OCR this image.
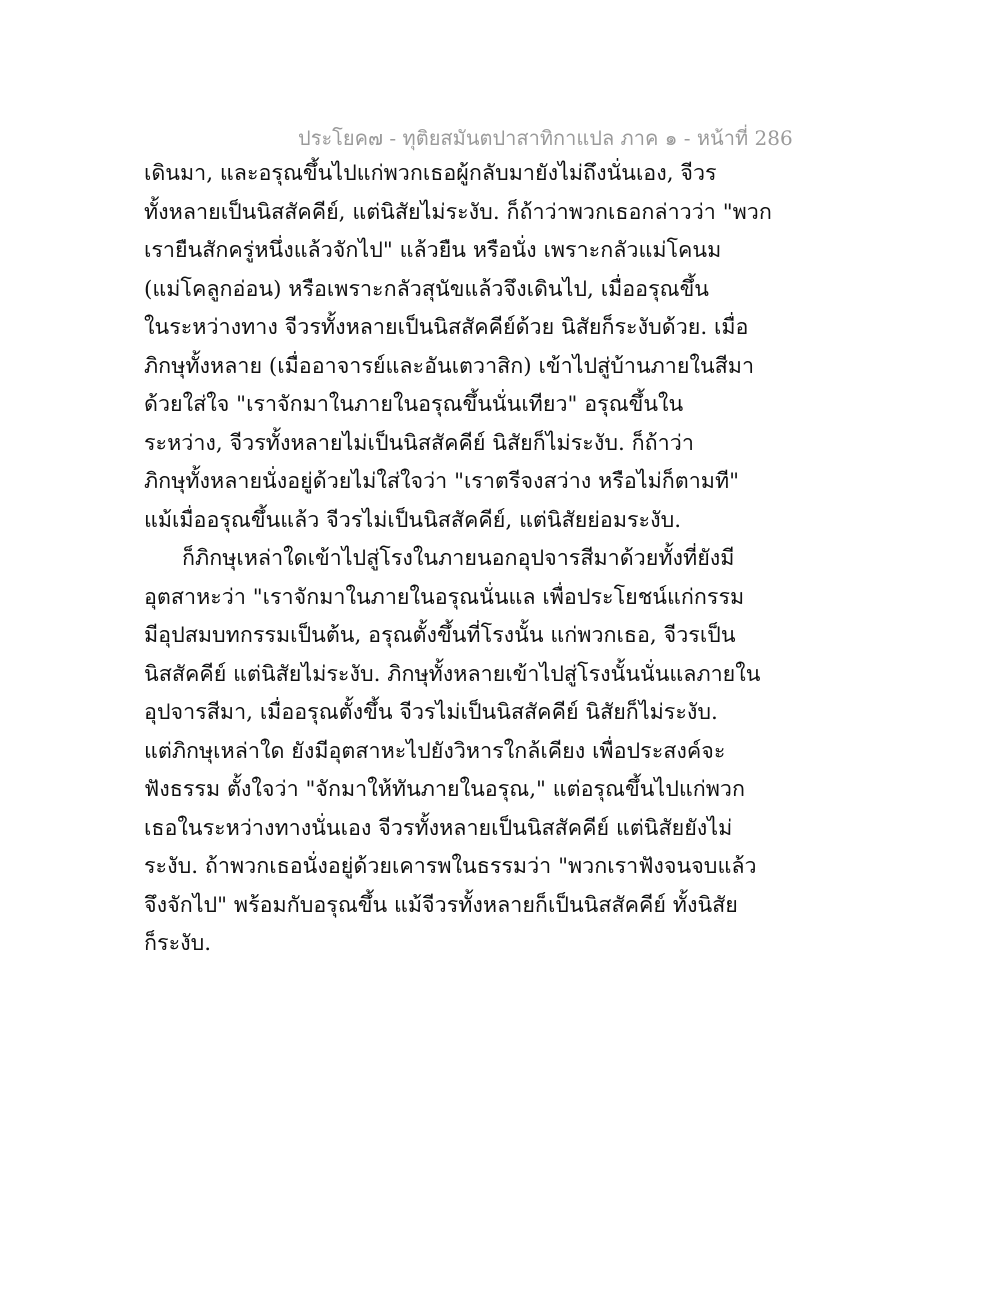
ประโยค๗ - ทุติยสมันตปาสาทิกาแปล ภาค ๑ - หน้าที่ 286
เดินมา, และอรุณขึ้นไปแก่พวกเธอผู้กลับมายังไม่ถึงนั่นเอง, จีวร
ทั้งหลายเป็นนิสสัคคีย์, แต่นิสัยไม่ระงับ. ก็ถ้าว่าพวกเธอกล่าวว่า "พวก
เรายืนสักครู่หนึ่งแล้วจักไป" แล้วยืน หรือนั่ง เพราะกลัวแม่โคนม
(แม่โคลูกอ่อน) หรือเพราะกลัวสุนัขแล้วจึงเดินไป, เมื่ออรุณขึ้น
ในระหว่างทาง จีวรทั้งหลายเป็นนิสสัคคีย์ด้วย นิสัยก็ระงับด้วย. เมื่อ
ภิกษุทั้งหลาย (เมื่ออาจารย์และอันเตวาสิก) เข้าไปสู่บ้านภายในสีมา
ด้วยใส่ใจ "เราจักมาในภายในอรุณขึ้นนั่นเทียว" อรุณขึ้นใน
ระหว่าง, จีวรทั้งหลายไม่เป็นนิสสัคคีย์ นิสัยก็ไม่ระงับ. ก็ถ้าว่า
ภิกษุทั้งหลายนั่งอยู่ด้วยไม่ใส่ใจว่า "เราตรีจงสว่าง หรือไม่ก็ตามที"
แม้เมื่ออรุณขึ้นแล้ว จีวรไม่เป็นนิสสัคคีย์, แต่นิสัยย่อมระงับ.
ก็ภิกษุเหล่าใดเข้าไปสู่โรงในภายนอกอุปจารสีมาด้วยทั้งที่ยังมี
อุตสาหะว่า "เราจักมาในภายในอรุณนั่นแล เพื่อประโยชน์แก่กรรม
มีอุปสมบทกรรมเป็นต้น, อรุณตั้งขึ้นที่โรงนั้น แก่พวกเธอ, จีวรเป็น
นิสสัคคีย์ แต่นิสัยไม่ระงับ. ภิกษุทั้งหลายเข้าไปสู่โรงนั้นนั่นแลภายใน
อุปจารสีมา, เมื่ออรุณตั้งขึ้น จีวรไม่เป็นนิสสัคคีย์ นิสัยก็ไม่ระงับ.
แต่ภิกษุเหล่าใด ยังมีอุตสาหะไปยังวิหารใกล้เคียง เพื่อประสงค์จะ
ฟังธรรม ตั้งใจว่า "จักมาให้ทันภายในอรุณ," แต่อรุณขึ้นไปแก่พวก
เธอในระหว่างทางนั่นเอง จีวรทั้งหลายเป็นนิสสัคคีย์ แต่นิสัยยังไม่
ระงับ. ถ้าพวกเธอนั่งอยู่ด้วยเคารพในธรรมว่า "พวกเราฟังจนจบแล้ว
จึงจักไป" พร้อมกับอรุณขึ้น แม้จีวรทั้งหลายก็เป็นนิสสัคคีย์ ทั้งนิสัย
ก็ระงับ.
